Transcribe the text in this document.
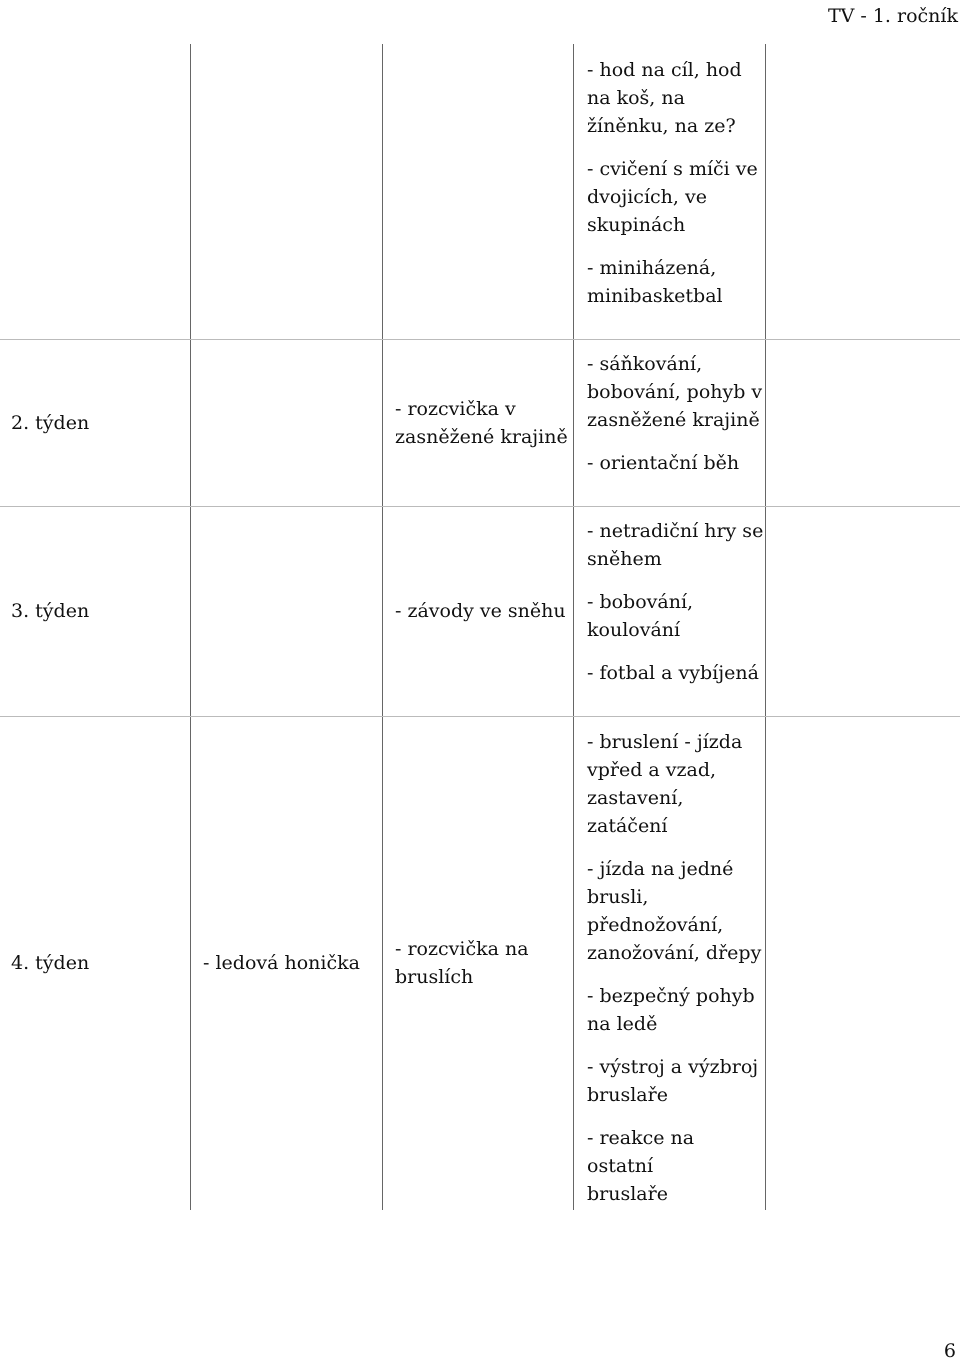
TV - 1. ročník

- hod na cíl, hod
na koš, na
žíněnku, na ze?

- cvičení s míči ve
dvojicích, ve
skupinách

- miniházená,
minibasketbal

2. týden
- rozcvička v
zasněžené krajině

- sáňkování,
bobování, pohyb v
zasněžené krajině

- orientační běh

3. týden	- závody ve sněhu

- netradiční hry se
sněhem

- bobování,
koulování

- fotbal a vybíjená

4. týden	- ledová honička
- rozcvička na
bruslích

- bruslení - jízda
vpřed a vzad,
zastavení,
zatáčení

- jízda na jedné
brusli,
přednožování,
zanožování, dřepy

- bezpečný pohyb
na ledě

- výstroj a výzbroj
bruslaře

- reakce na ostatní
bruslaře

6
